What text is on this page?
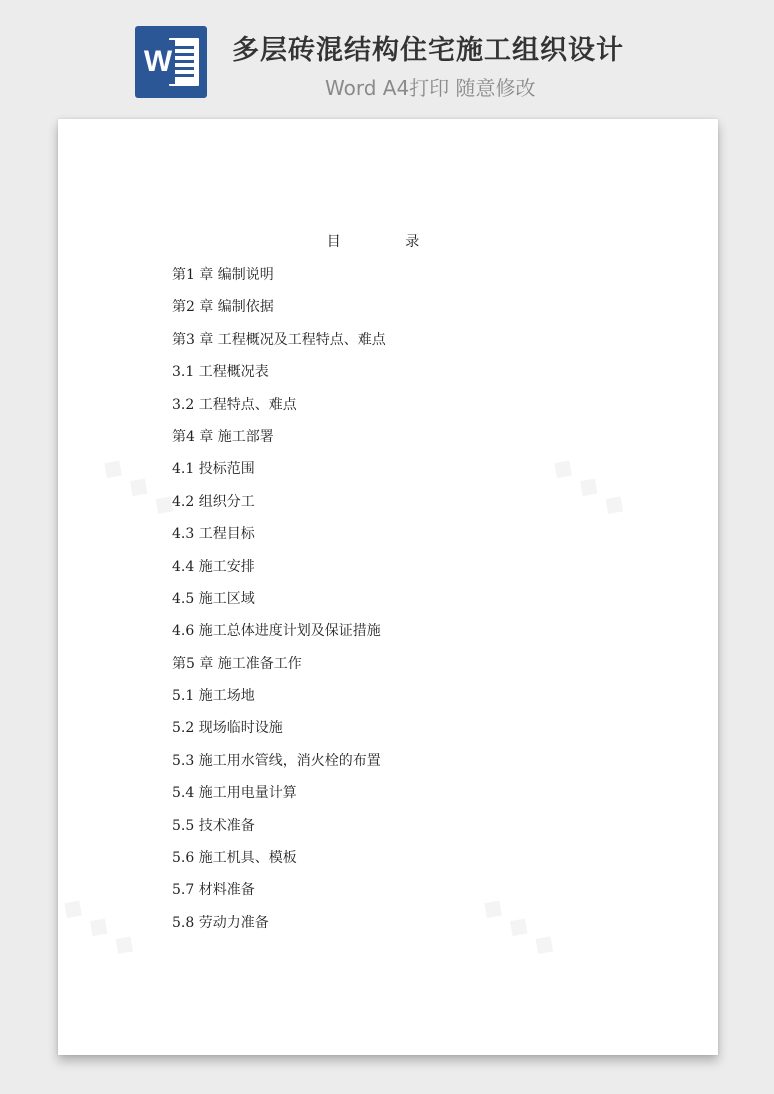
W 多层砖混结构住宅施工组织设计
Word A4打印 随意修改
目 录
第1 章 编制说明
第2 章 编制依据
第3 章 工程概况及工程特点、难点
3.1 工程概况表
3.2 工程特点、难点
第4 章 施工部署
4.1 投标范围
4.2 组织分工
4.3 工程目标
4.4 施工安排
4.5 施工区域
4.6 施工总体进度计划及保证措施
第5 章 施工准备工作
5.1 施工场地
5.2 现场临时设施
5.3 施工用水管线，消火栓的布置
5.4 施工用电量计算
5.5 技术准备
5.6 施工机具、模板
5.7 材料准备
5.8 劳动力准备
